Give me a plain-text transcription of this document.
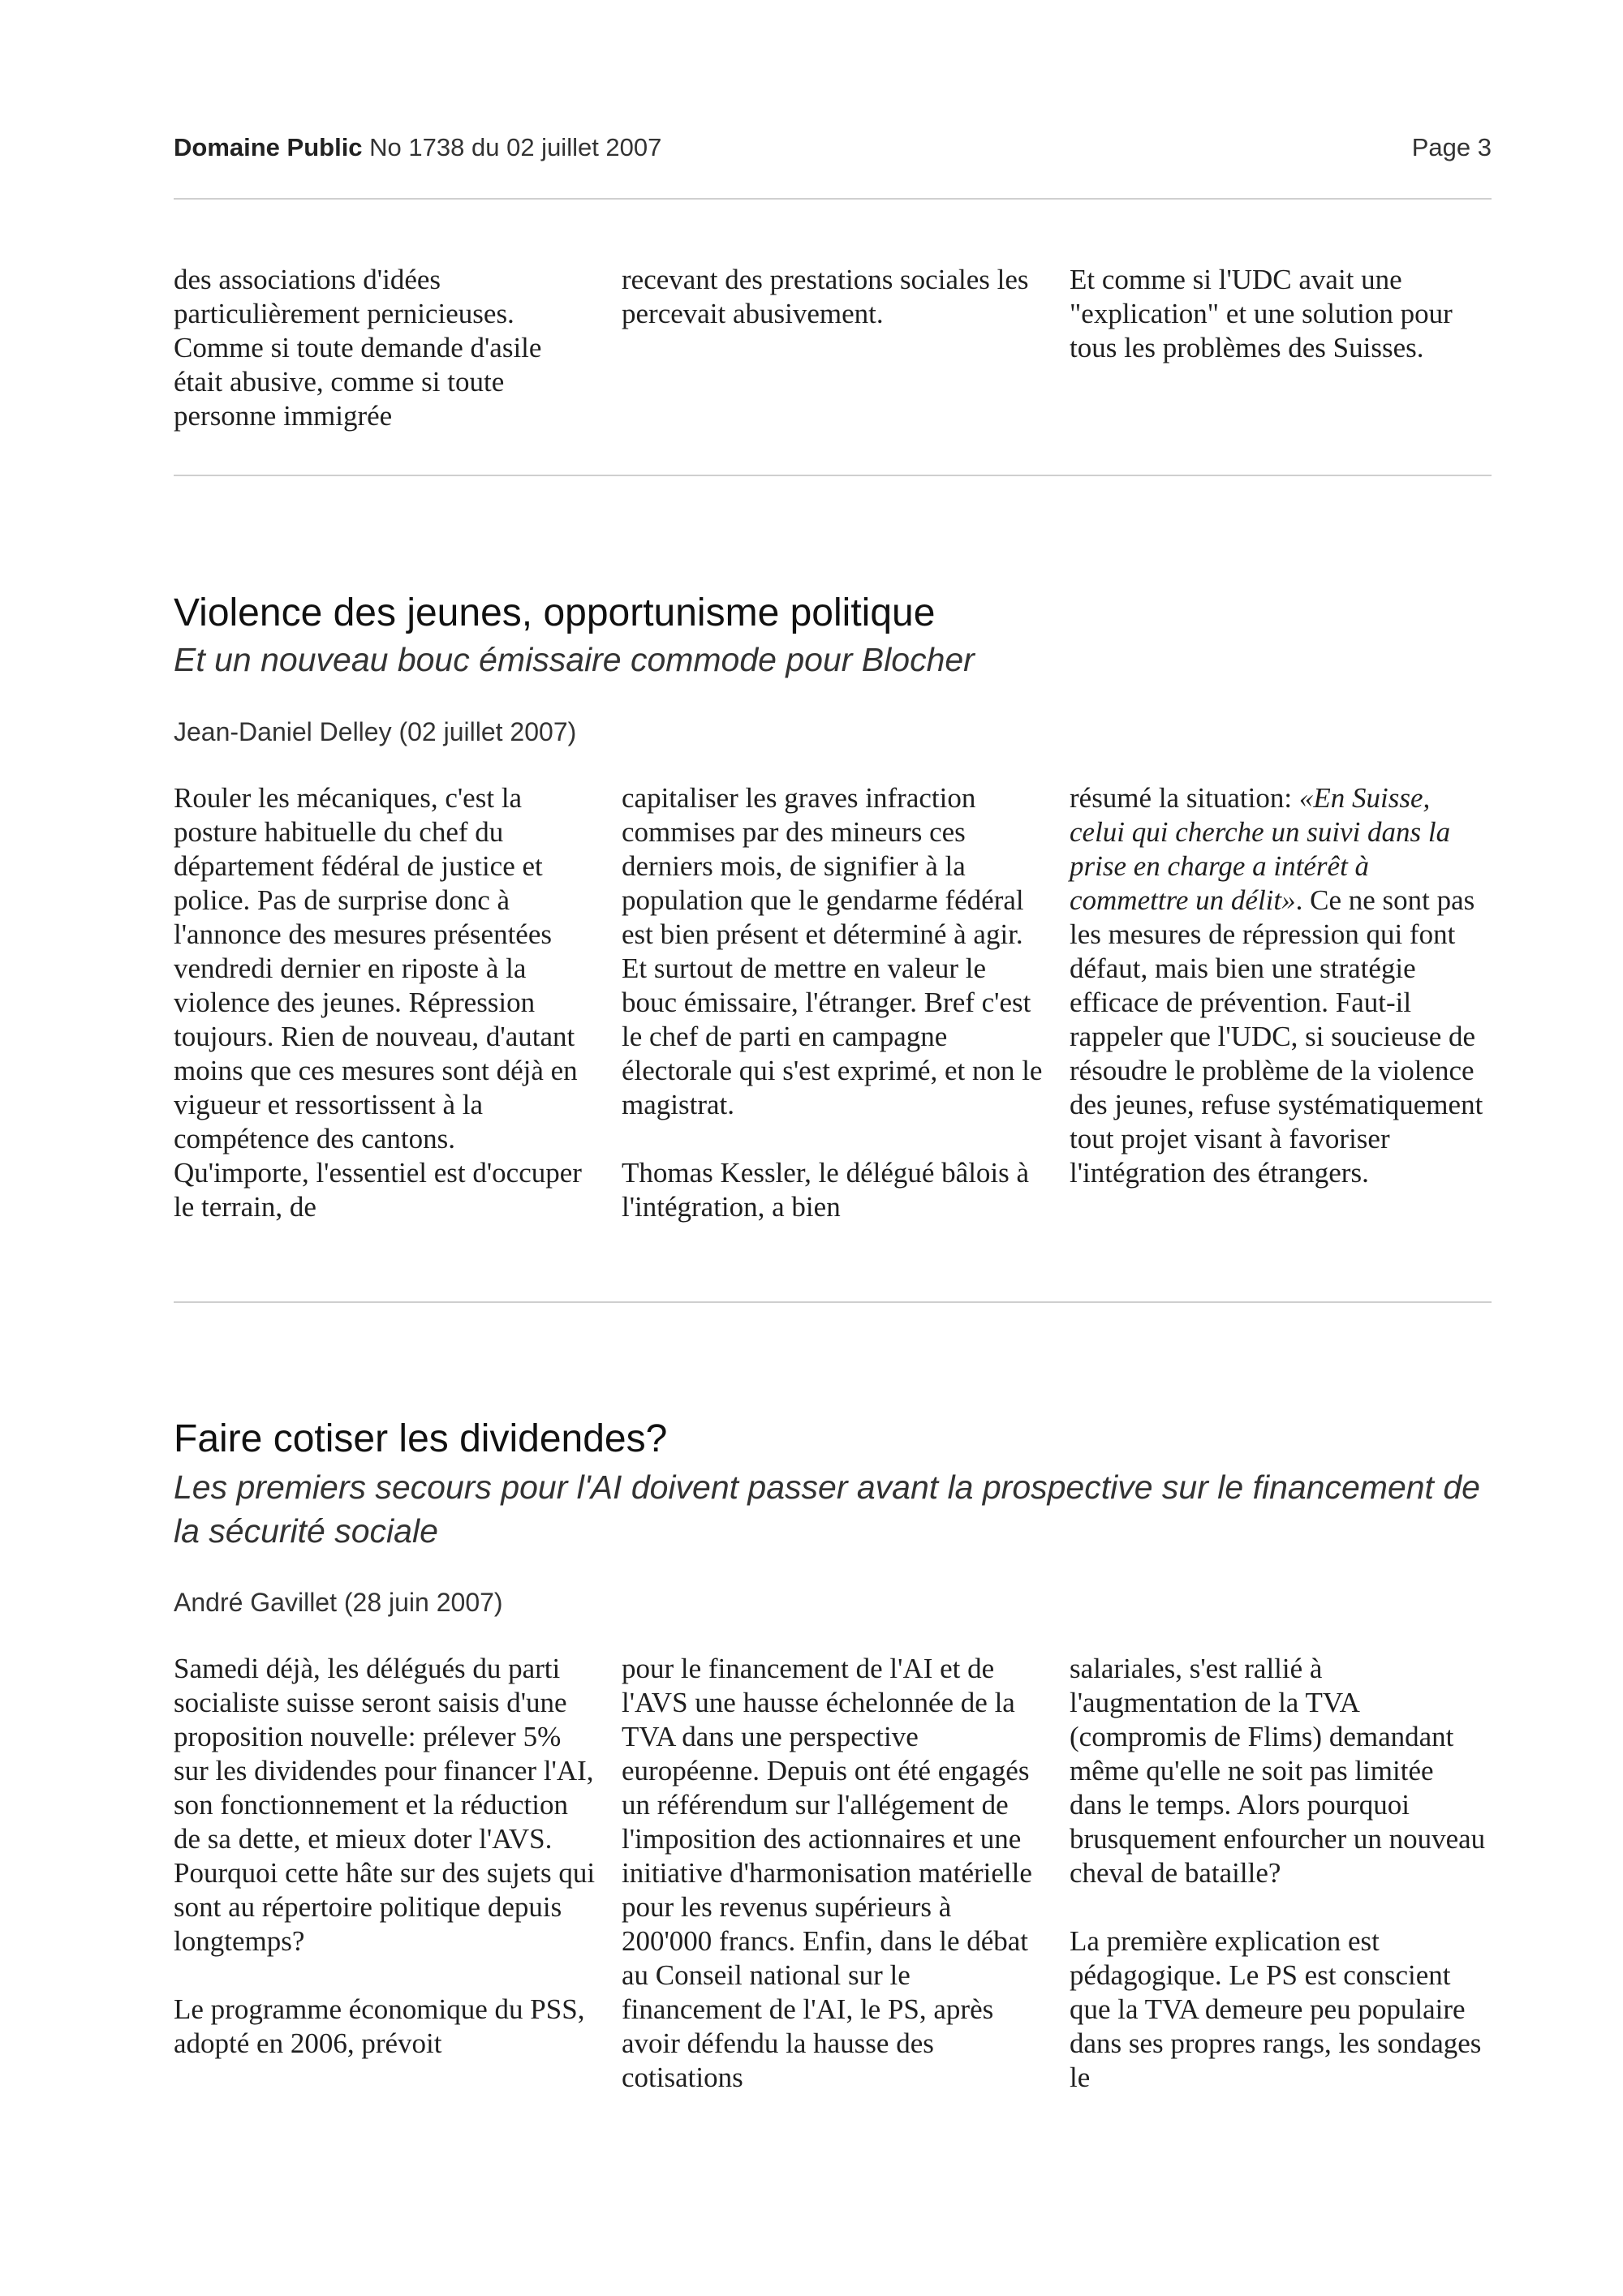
Domaine Public No 1738 du 02 juillet 2007	Page 3

des associations d'idées particulièrement pernicieuses. Comme si toute demande d'asile était abusive, comme si toute personne immigrée

recevant des prestations sociales les percevait abusivement.

Et comme si l'UDC avait une "explication" et une solution pour tous les problèmes des Suisses.

Violence des jeunes, opportunisme politique
Et un nouveau bouc émissaire commode pour Blocher
Jean-Daniel Delley (02 juillet 2007)

Rouler les mécaniques, c'est la posture habituelle du chef du département fédéral de justice et police. Pas de surprise donc à l'annonce des mesures présentées vendredi dernier en riposte à la violence des jeunes. Répression toujours. Rien de nouveau, d'autant moins que ces mesures sont déjà en vigueur et ressortissent à la compétence des cantons. Qu'importe, l'essentiel est d'occuper le terrain, de

capitaliser les graves infraction commises par des mineurs ces derniers mois, de signifier à la population que le gendarme fédéral est bien présent et déterminé à agir. Et surtout de mettre en valeur le bouc émissaire, l'étranger. Bref c'est le chef de parti en campagne électorale qui s'est exprimé, et non le magistrat.

Thomas Kessler, le délégué bâlois à l'intégration, a bien

résumé la situation: «En Suisse, celui qui cherche un suivi dans la prise en charge a intérêt à commettre un délit». Ce ne sont pas les mesures de répression qui font défaut, mais bien une stratégie efficace de prévention. Faut-il rappeler que l'UDC, si soucieuse de résoudre le problème de la violence des jeunes, refuse systématiquement tout projet visant à favoriser l'intégration des étrangers.

Faire cotiser les dividendes?
Les premiers secours pour l'AI doivent passer avant la prospective sur le financement de la sécurité sociale
André Gavillet (28 juin 2007)

Samedi déjà, les délégués du parti socialiste suisse seront saisis d'une proposition nouvelle: prélever 5% sur les dividendes pour financer l'AI, son fonctionnement et la réduction de sa dette, et mieux doter l'AVS. Pourquoi cette hâte sur des sujets qui sont au répertoire politique depuis longtemps?

Le programme économique du PSS, adopté en 2006, prévoit

pour le financement de l'AI et de l'AVS une hausse échelonnée de la TVA dans une perspective européenne. Depuis ont été engagés un référendum sur l'allégement de l'imposition des actionnaires et une initiative d'harmonisation matérielle pour les revenus supérieurs à 200'000 francs. Enfin, dans le débat au Conseil national sur le financement de l'AI, le PS, après avoir défendu la hausse des cotisations

salariales, s'est rallié à l'augmentation de la TVA (compromis de Flims) demandant même qu'elle ne soit pas limitée dans le temps. Alors pourquoi brusquement enfourcher un nouveau cheval de bataille?

La première explication est pédagogique. Le PS est conscient que la TVA demeure peu populaire dans ses propres rangs, les sondages le
